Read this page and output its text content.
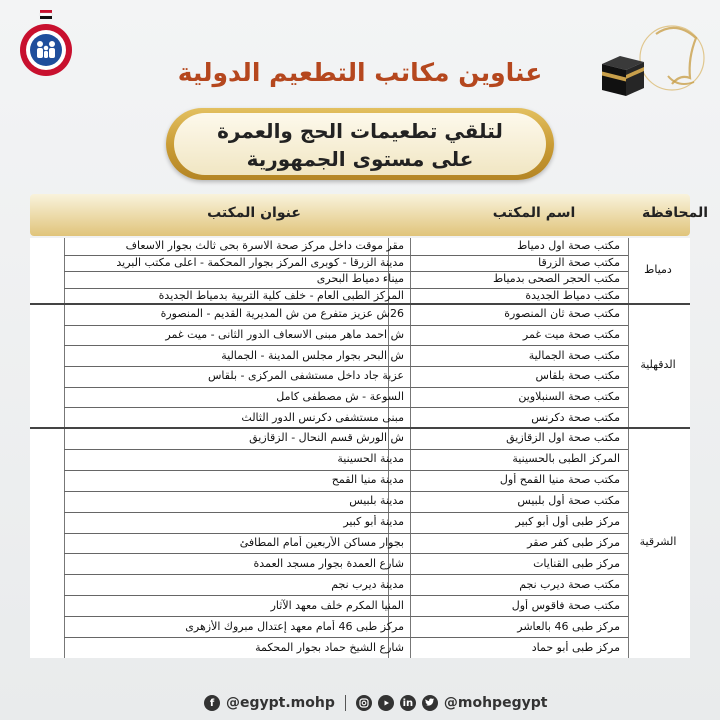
عناوين مكاتب التطعيم الدولية
لتلقي تطعيمات الحج والعمرة
على مستوى الجمهورية
المحافظة
اسم المكتب
عنوان المكتب
دمياط
مكتب صحة اول دمياط
مقر موقت داخل مركز صحة الاسرة بحى ثالث بجوار الاسعاف
مكتب صحة الزرقا
مدينة الزرقا - كوبرى المركز بجوار المحكمة - اعلى مكتب البريد
مكتب الحجر الصحى بدمياط
ميناء دمياط البحرى
مكتب دمياط الجديدة
المركز الطبى العام - خلف كلية التربية بدمياط الجديدة
الدقهلية
مكتب صحة ثان المنصورة
26ش عزيز متفرع من ش المديرية القديم - المنصورة
مكتب صحة ميت غمر
ش احمد ماهر مبنى الاسعاف الدور الثانى - ميت غمر
مكتب صحة الجمالية
ش البحر بجوار مجلس المدينة - الجمالية
مكتب صحة بلقاس
عزبة جاد داخل مستشفى المركزى - بلقاس
مكتب صحة السنبلاوين
السوعة - ش مصطفى كامل
مكتب صحة دكرنس
مبنى مستشفى دكرنس الدور الثالث
الشرقية
مكتب صحة اول الزقازيق
ش الورش قسم النحال - الزقازيق
المركز الطبى بالحسينية
مدينة الحسينية
مكتب صحة منيا القمح أول
مدينة منيا القمح
مكتب صحة أول بلبيس
مدينة بلبيس
مركز طبى أول أبو كبير
مدينة أبو كبير
مركز طبى كفر صقر
بجوار مساكن الأربعين أمام المطافئ
مركز طبى القنايات
شارع العمدة بجوار مسجد العمدة
مكتب صحة ديرب نجم
مدينة ديرب نجم
مكتب صحة فاقوس أول
المنيا المكرم خلف معهد الآثار
مركز طبى 46 بالعاشر
مركز طبى 46 أمام معهد إعتدال مبروك الأزهرى
مركز طبى أبو حماد
شارع الشيخ حماد بجوار المحكمة
f @egypt.mohp	in @mohpegypt
